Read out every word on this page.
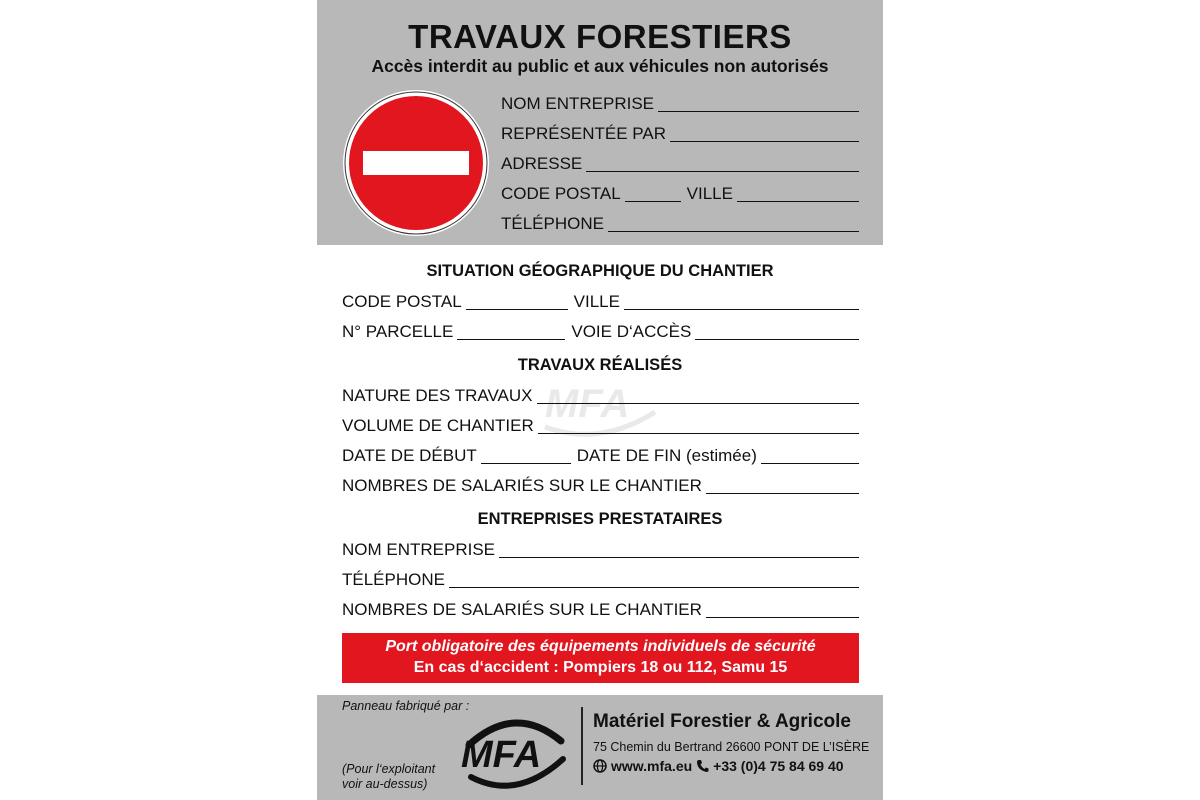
TRAVAUX FORESTIERS
Accès interdit au public et aux véhicules non autorisés
NOM ENTREPRISE
REPRÉSENTÉE PAR
ADRESSE
CODE POSTAL	VILLE
TÉLÉPHONE
MFA
SITUATION GÉOGRAPHIQUE DU CHANTIER
CODE POSTAL	VILLE
N° PARCELLE	VOIE D‘ACCÈS
TRAVAUX RÉALISÉS
NATURE DES TRAVAUX
VOLUME DE CHANTIER
DATE DE DÉBUT	DATE DE FIN (estimée)
NOMBRES DE SALARIÉS SUR LE CHANTIER
ENTREPRISES PRESTATAIRES
NOM ENTREPRISE
TÉLÉPHONE
NOMBRES DE SALARIÉS SUR LE CHANTIER
Port obligatoire des équipements individuels de sécurité
En cas d‘accident : Pompiers 18 ou 112, Samu 15
Panneau fabriqué par :
(Pour l‘exploitant
voir au-dessus)
MFA
Matériel Forestier & Agricole
75 Chemin du Bertrand 26600 PONT DE L’ISÈRE
www.mfa.eu +33 (0)4 75 84 69 40
